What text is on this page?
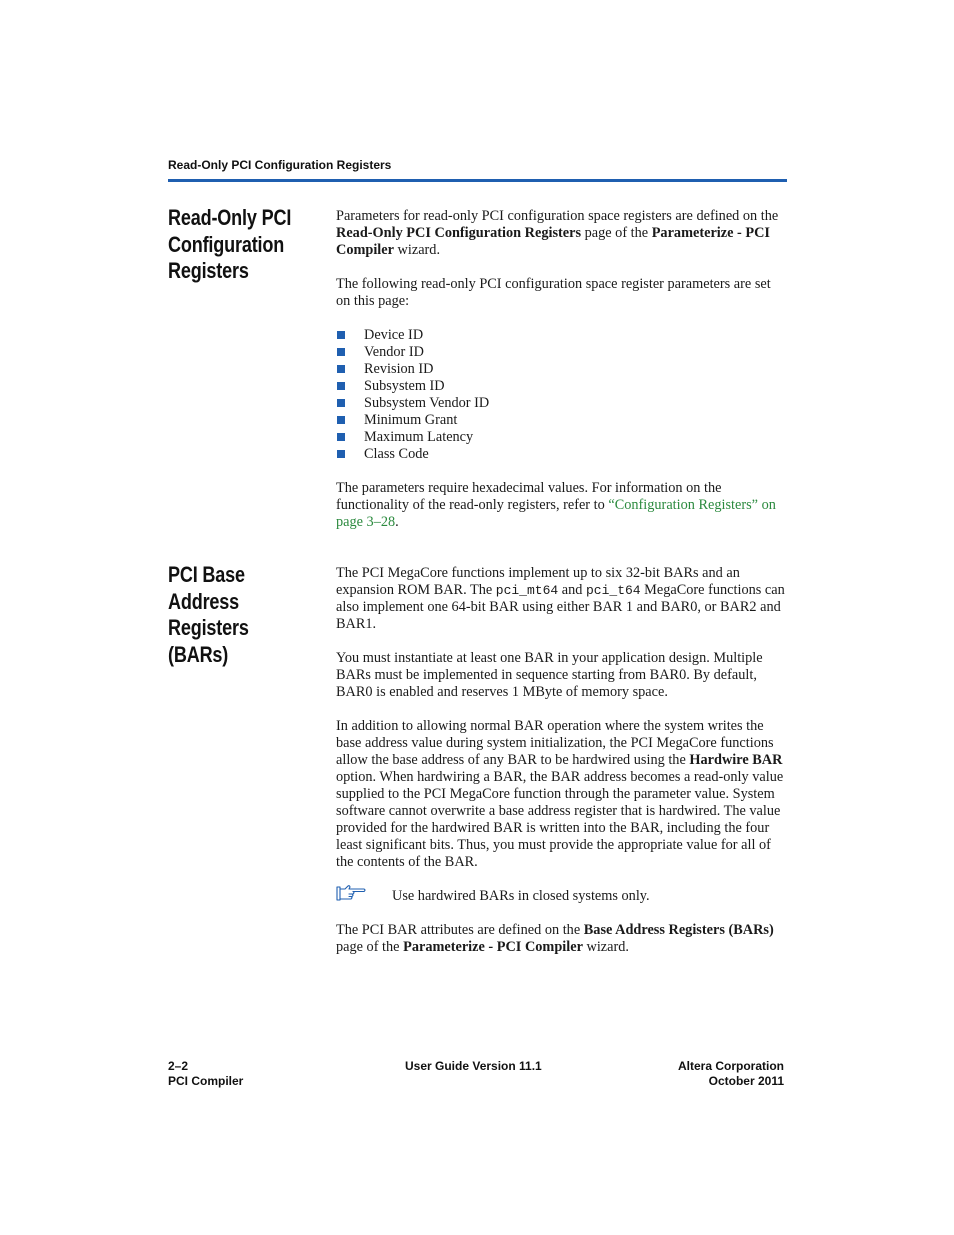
Read-Only PCI Configuration Registers
Read-Only PCI
Configuration
Registers

Parameters for read-only PCI configuration space registers are defined on the Read-Only PCI Configuration Registers page of the Parameterize - PCI Compiler wizard.

The following read-only PCI configuration space register parameters are set on this page:

Device ID
Vendor ID
Revision ID
Subsystem ID
Subsystem Vendor ID
Minimum Grant
Maximum Latency
Class Code

The parameters require hexadecimal values. For information on the functionality of the read-only registers, refer to “Configuration Registers” on page 3–28.

PCI Base
Address
Registers
(BARs)

The PCI MegaCore functions implement up to six 32-bit BARs and an expansion ROM BAR. The pci_mt64 and pci_t64 MegaCore functions can also implement one 64-bit BAR using either BAR 1 and BAR0, or BAR2 and BAR1.

You must instantiate at least one BAR in your application design. Multiple BARs must be implemented in sequence starting from BAR0. By default, BAR0 is enabled and reserves 1 MByte of memory space.

In addition to allowing normal BAR operation where the system writes the base address value during system initialization, the PCI MegaCore functions allow the base address of any BAR to be hardwired using the Hardwire BAR option. When hardwiring a BAR, the BAR address becomes a read-only value supplied to the PCI MegaCore function through the parameter value. System software cannot overwrite a base address register that is hardwired. The value provided for the hardwired BAR is written into the BAR, including the four least significant bits. Thus, you must provide the appropriate value for all of the contents of the BAR.

Use hardwired BARs in closed systems only.

The PCI BAR attributes are defined on the Base Address Registers (BARs) page of the Parameterize - PCI Compiler wizard.

2–2
PCI Compiler
User Guide Version 11.1	Altera Corporation
October 2011
